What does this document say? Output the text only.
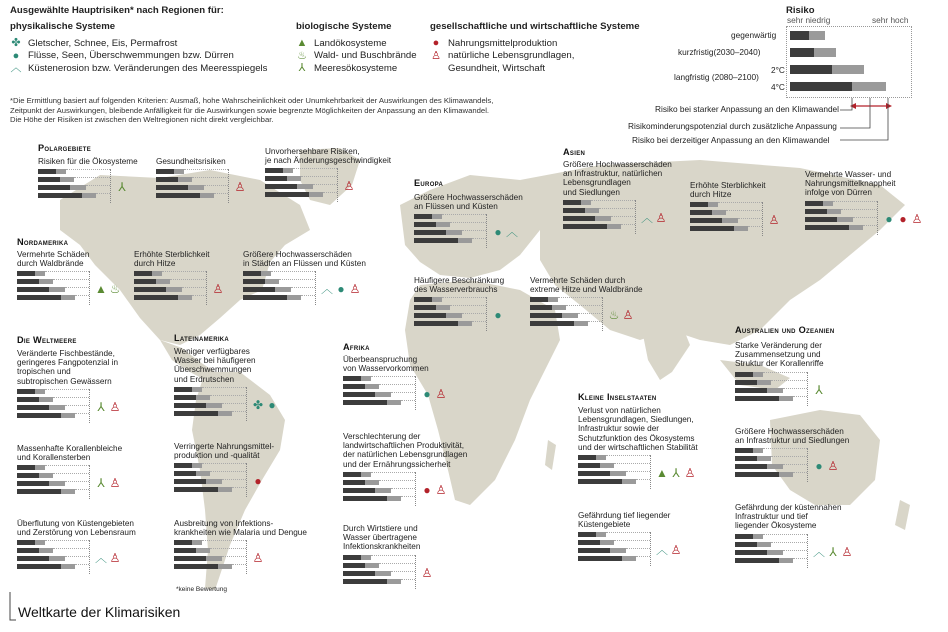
Ausgewählte Hauptrisiken* nach Regionen für:
physikalische Systeme
✤ Gletscher, Schnee, Eis, Permafrost
● Flüsse, Seen, Überschwemmungen bzw. Dürren
︿ Küstenerosion bzw. Veränderungen des Meeresspiegels
biologische Systeme
▲ Landökosysteme
♨ Wald- und Buschbrände
⅄ Meeresökosysteme
gesellschaftliche und wirtschaftliche Systeme
● Nahrungsmittelproduktion
♙ natürliche Lebensgrundlagen,
Gesundheit, Wirtschaft
*Die Ermittlung basiert auf folgenden Kriterien: Ausmaß, hohe Wahrscheinlichkeit oder Unumkehrbarkeit der Auswirkungen des Klimawandels,
Zeitpunkt der Auswirkungen, bleibende Anfälligkeit für die Auswirkungen sowie begrenzte Möglichkeiten der Anpassung an den Klimawandel.
Die Höhe der Risiken ist zwischen den Weltregionen nicht direkt vergleichbar.
Risiko
sehr niedrig	sehr hoch
gegenwärtig
kurzfristig(2030–2040)
langfristig (2080–2100)
2°C
4°C
Risiko bei starker Anpassung an den Klimawandel
Risikominderungspotenzial durch zusätzliche Anpassung
Risiko bei derzeitiger Anpassung an den Klimawandel
Polargebiete
Europa
Asien
Nordamerika
Die Weltmeere	Lateinamerika
Afrika
Kleine Inselstaaten
Australien und Ozeanien
Risiken für die Ökosysteme
⅄
Gesundheitsrisiken
♙
Unvorhersehbare Risiken,
je nach Änderungsgeschwindigkeit
♙
Größere Hochwasserschäden
an Flüssen und Küsten
● ︿
Häufigere Beschränkung
des Wasserverbrauchs
●
Vermehrte Schäden durch
extreme Hitze und Waldbrände
♨ ♙
Größere Hochwasserschäden
an Infrastruktur, natürlichen
Lebensgrundlagen
und Siedlungen
︿ ♙
Erhöhte Sterblichkeit
durch Hitze
♙
Vermehrte Wasser- und
Nahrungsmittelknappheit
infolge von Dürren
● ● ♙
Vermehrte Schäden
durch Waldbrände
▲ ♨
Erhöhte Sterblichkeit
durch Hitze
♙
Größere Hochwasserschäden
in Städten an Flüssen und Küsten
︿ ● ♙
Veränderte Fischbestände,
geringeres Fangpotenzial in
tropischen und
subtropischen Gewässern
⅄ ♙
Massenhafte Korallenbleiche
und Korallensterben
⅄ ♙
Überflutung von Küstengebieten
und Zerstörung von Lebensraum
︿ ♙
Weniger verfügbares
Wasser bei häufigeren
Überschwemmungen
und Erdrutschen
✤ ●
Verringerte Nahrungsmittel-
produktion und -qualität
●
Ausbreitung von Infektions-
krankheiten wie Malaria und Dengue
♙
Überbeanspruchung
von Wasservorkommen
● ♙
Verschlechterung der
landwirtschaftlichen Produktivität,
der natürlichen Lebensgrundlagen
und der Ernährungssicherheit
● ♙
Durch Wirtstiere und
Wasser übertragene
Infektionskrankheiten
♙
Verlust von natürlichen
Lebensgrundlagen, Siedlungen,
Infrastruktur sowie der
Schutzfunktion des Ökosystems
und der wirtschaftlichen Stabilität
▲ ⅄ ♙
Gefährdung tief liegender
Küstengebiete
︿ ♙
Starke Veränderung der
Zusammensetzung und
Struktur der Korallenriffe
⅄
Größere Hochwasserschäden
an Infrastruktur und Siedlungen
● ♙
Gefährdung der küstennahen
Infrastruktur und tief
liegender Ökosysteme
︿ ⅄ ♙
*keine Bewertung
Weltkarte der Klimarisiken
